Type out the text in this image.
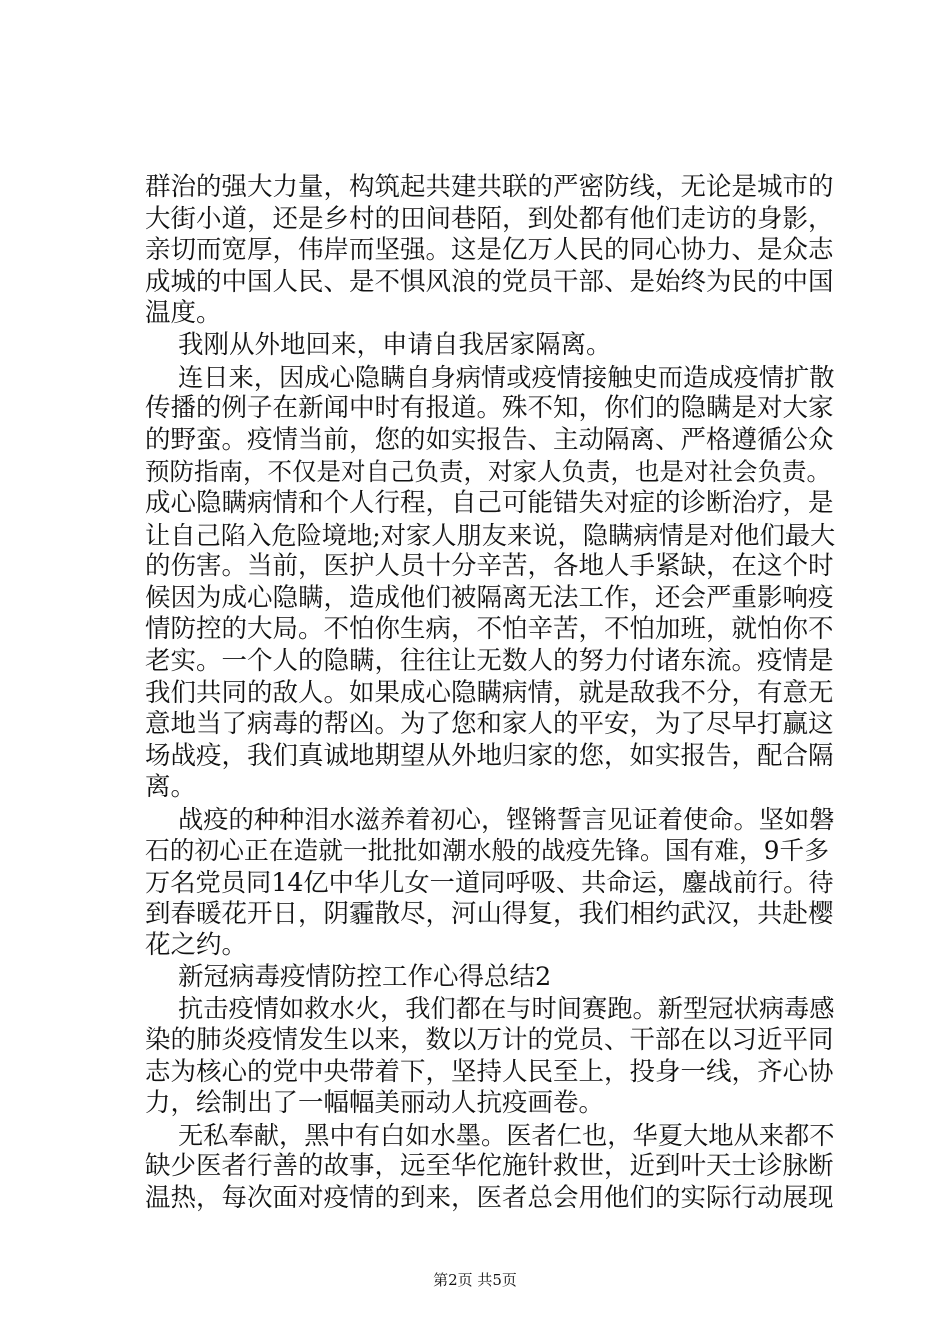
群治的强大力量，构筑起共建共联的严密防线，无论是城市的
大街小道，还是乡村的田间巷陌，到处都有他们走访的身影，
亲切而宽厚，伟岸而坚强。这是亿万人民的同心协力、是众志
成城的中国人民、是不惧风浪的党员干部、是始终为民的中国
温度。
我刚从外地回来，申请自我居家隔离。
连日来，因成心隐瞒自身病情或疫情接触史而造成疫情扩散
传播的例子在新闻中时有报道。殊不知，你们的隐瞒是对大家
的野蛮。疫情当前，您的如实报告、主动隔离、严格遵循公众
预防指南，不仅是对自己负责，对家人负责，也是对社会负责。
成心隐瞒病情和个人行程，自己可能错失对症的诊断治疗，是
让自己陷入危险境地;对家人朋友来说，隐瞒病情是对他们最大
的伤害。当前，医护人员十分辛苦，各地人手紧缺，在这个时
候因为成心隐瞒，造成他们被隔离无法工作，还会严重影响疫
情防控的大局。不怕你生病，不怕辛苦，不怕加班，就怕你不
老实。一个人的隐瞒，往往让无数人的努力付诸东流。疫情是
我们共同的敌人。如果成心隐瞒病情，就是敌我不分，有意无
意地当了病毒的帮凶。为了您和家人的平安，为了尽早打赢这
场战疫，我们真诚地期望从外地归家的您，如实报告，配合隔
离。
战疫的种种泪水滋养着初心，铿锵誓言见证着使命。坚如磐
石的初心正在造就一批批如潮水般的战疫先锋。国有难，9千多
万名党员同14亿中华儿女一道同呼吸、共命运，鏖战前行。待
到春暖花开日，阴霾散尽，河山得复，我们相约武汉，共赴樱
花之约。
新冠病毒疫情防控工作心得总结2
抗击疫情如救水火，我们都在与时间赛跑。新型冠状病毒感
染的肺炎疫情发生以来，数以万计的党员、干部在以习近平同
志为核心的党中央带着下，坚持人民至上，投身一线，齐心协
力，绘制出了一幅幅美丽动人抗疫画卷。
无私奉献，黑中有白如水墨。医者仁也，华夏大地从来都不
缺少医者行善的故事，远至华佗施针救世，近到叶天士诊脉断
温热，每次面对疫情的到来，医者总会用他们的实际行动展现
第2页 共5页
